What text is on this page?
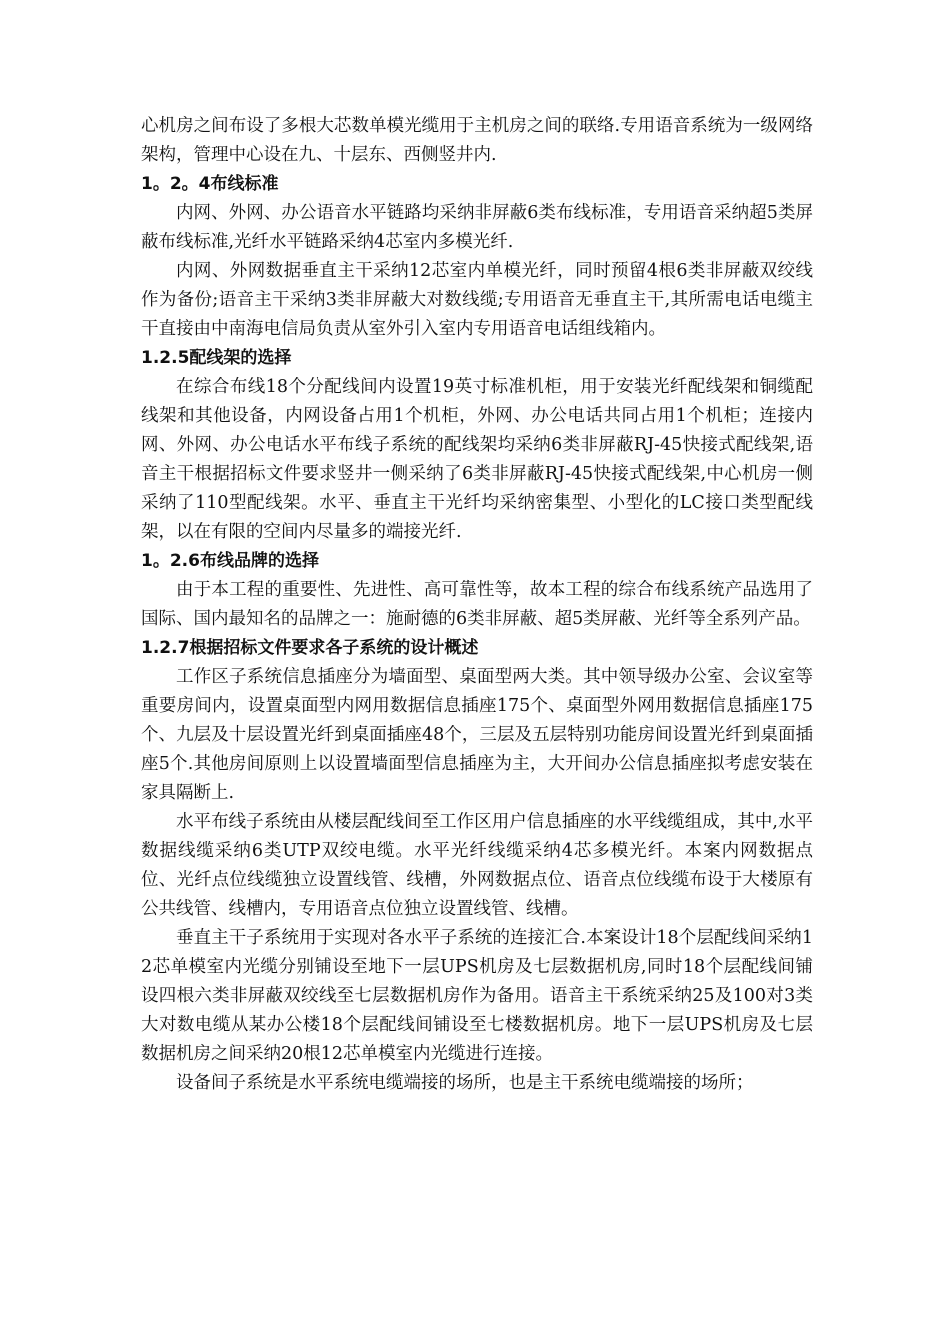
心机房之间布设了多根大芯数单模光缆用于主机房之间的联络.专用语音系统为一级网络架构，管理中心设在九、十层东、西侧竖井内.
1。2。4布线标准
内网、外网、办公语音水平链路均采纳非屏蔽6类布线标准，专用语音采纳超5类屏蔽布线标准,光纤水平链路采纳4芯室内多模光纤.
内网、外网数据垂直主干采纳12芯室内单模光纤，同时预留4根6类非屏蔽双绞线作为备份;语音主干采纳3类非屏蔽大对数线缆;专用语音无垂直主干,其所需电话电缆主干直接由中南海电信局负责从室外引入室内专用语音电话组线箱内。
1.2.5配线架的选择
在综合布线18个分配线间内设置19英寸标准机柜，用于安装光纤配线架和铜缆配线架和其他设备，内网设备占用1个机柜，外网、办公电话共同占用1个机柜；连接内网、外网、办公电话水平布线子系统的配线架均采纳6类非屏蔽RJ-45快接式配线架,语音主干根据招标文件要求竖井一侧采纳了6类非屏蔽RJ-45快接式配线架,中心机房一侧采纳了110型配线架。水平、垂直主干光纤均采纳密集型、小型化的LC接口类型配线架，以在有限的空间内尽量多的端接光纤.
1。2.6布线品牌的选择
由于本工程的重要性、先进性、高可靠性等，故本工程的综合布线系统产品选用了国际、国内最知名的品牌之一：施耐德的6类非屏蔽、超5类屏蔽、光纤等全系列产品。
1.2.7根据招标文件要求各子系统的设计概述
工作区子系统信息插座分为墙面型、桌面型两大类。其中领导级办公室、会议室等重要房间内，设置桌面型内网用数据信息插座175个、桌面型外网用数据信息插座175个、九层及十层设置光纤到桌面插座48个，三层及五层特别功能房间设置光纤到桌面插座5个.其他房间原则上以设置墙面型信息插座为主，大开间办公信息插座拟考虑安装在家具隔断上.
水平布线子系统由从楼层配线间至工作区用户信息插座的水平线缆组成，其中,水平数据线缆采纳6类UTP双绞电缆。水平光纤线缆采纳4芯多模光纤。本案内网数据点位、光纤点位线缆独立设置线管、线槽，外网数据点位、语音点位线缆布设于大楼原有公共线管、线槽内，专用语音点位独立设置线管、线槽。
垂直主干子系统用于实现对各水平子系统的连接汇合.本案设计18个层配线间采纳12芯单模室内光缆分别铺设至地下一层UPS机房及七层数据机房,同时18个层配线间铺设四根六类非屏蔽双绞线至七层数据机房作为备用。语音主干系统采纳25及100对3类大对数电缆从某办公楼18个层配线间铺设至七楼数据机房。地下一层UPS机房及七层数据机房之间采纳20根12芯单模室内光缆进行连接。
设备间子系统是水平系统电缆端接的场所，也是主干系统电缆端接的场所；
